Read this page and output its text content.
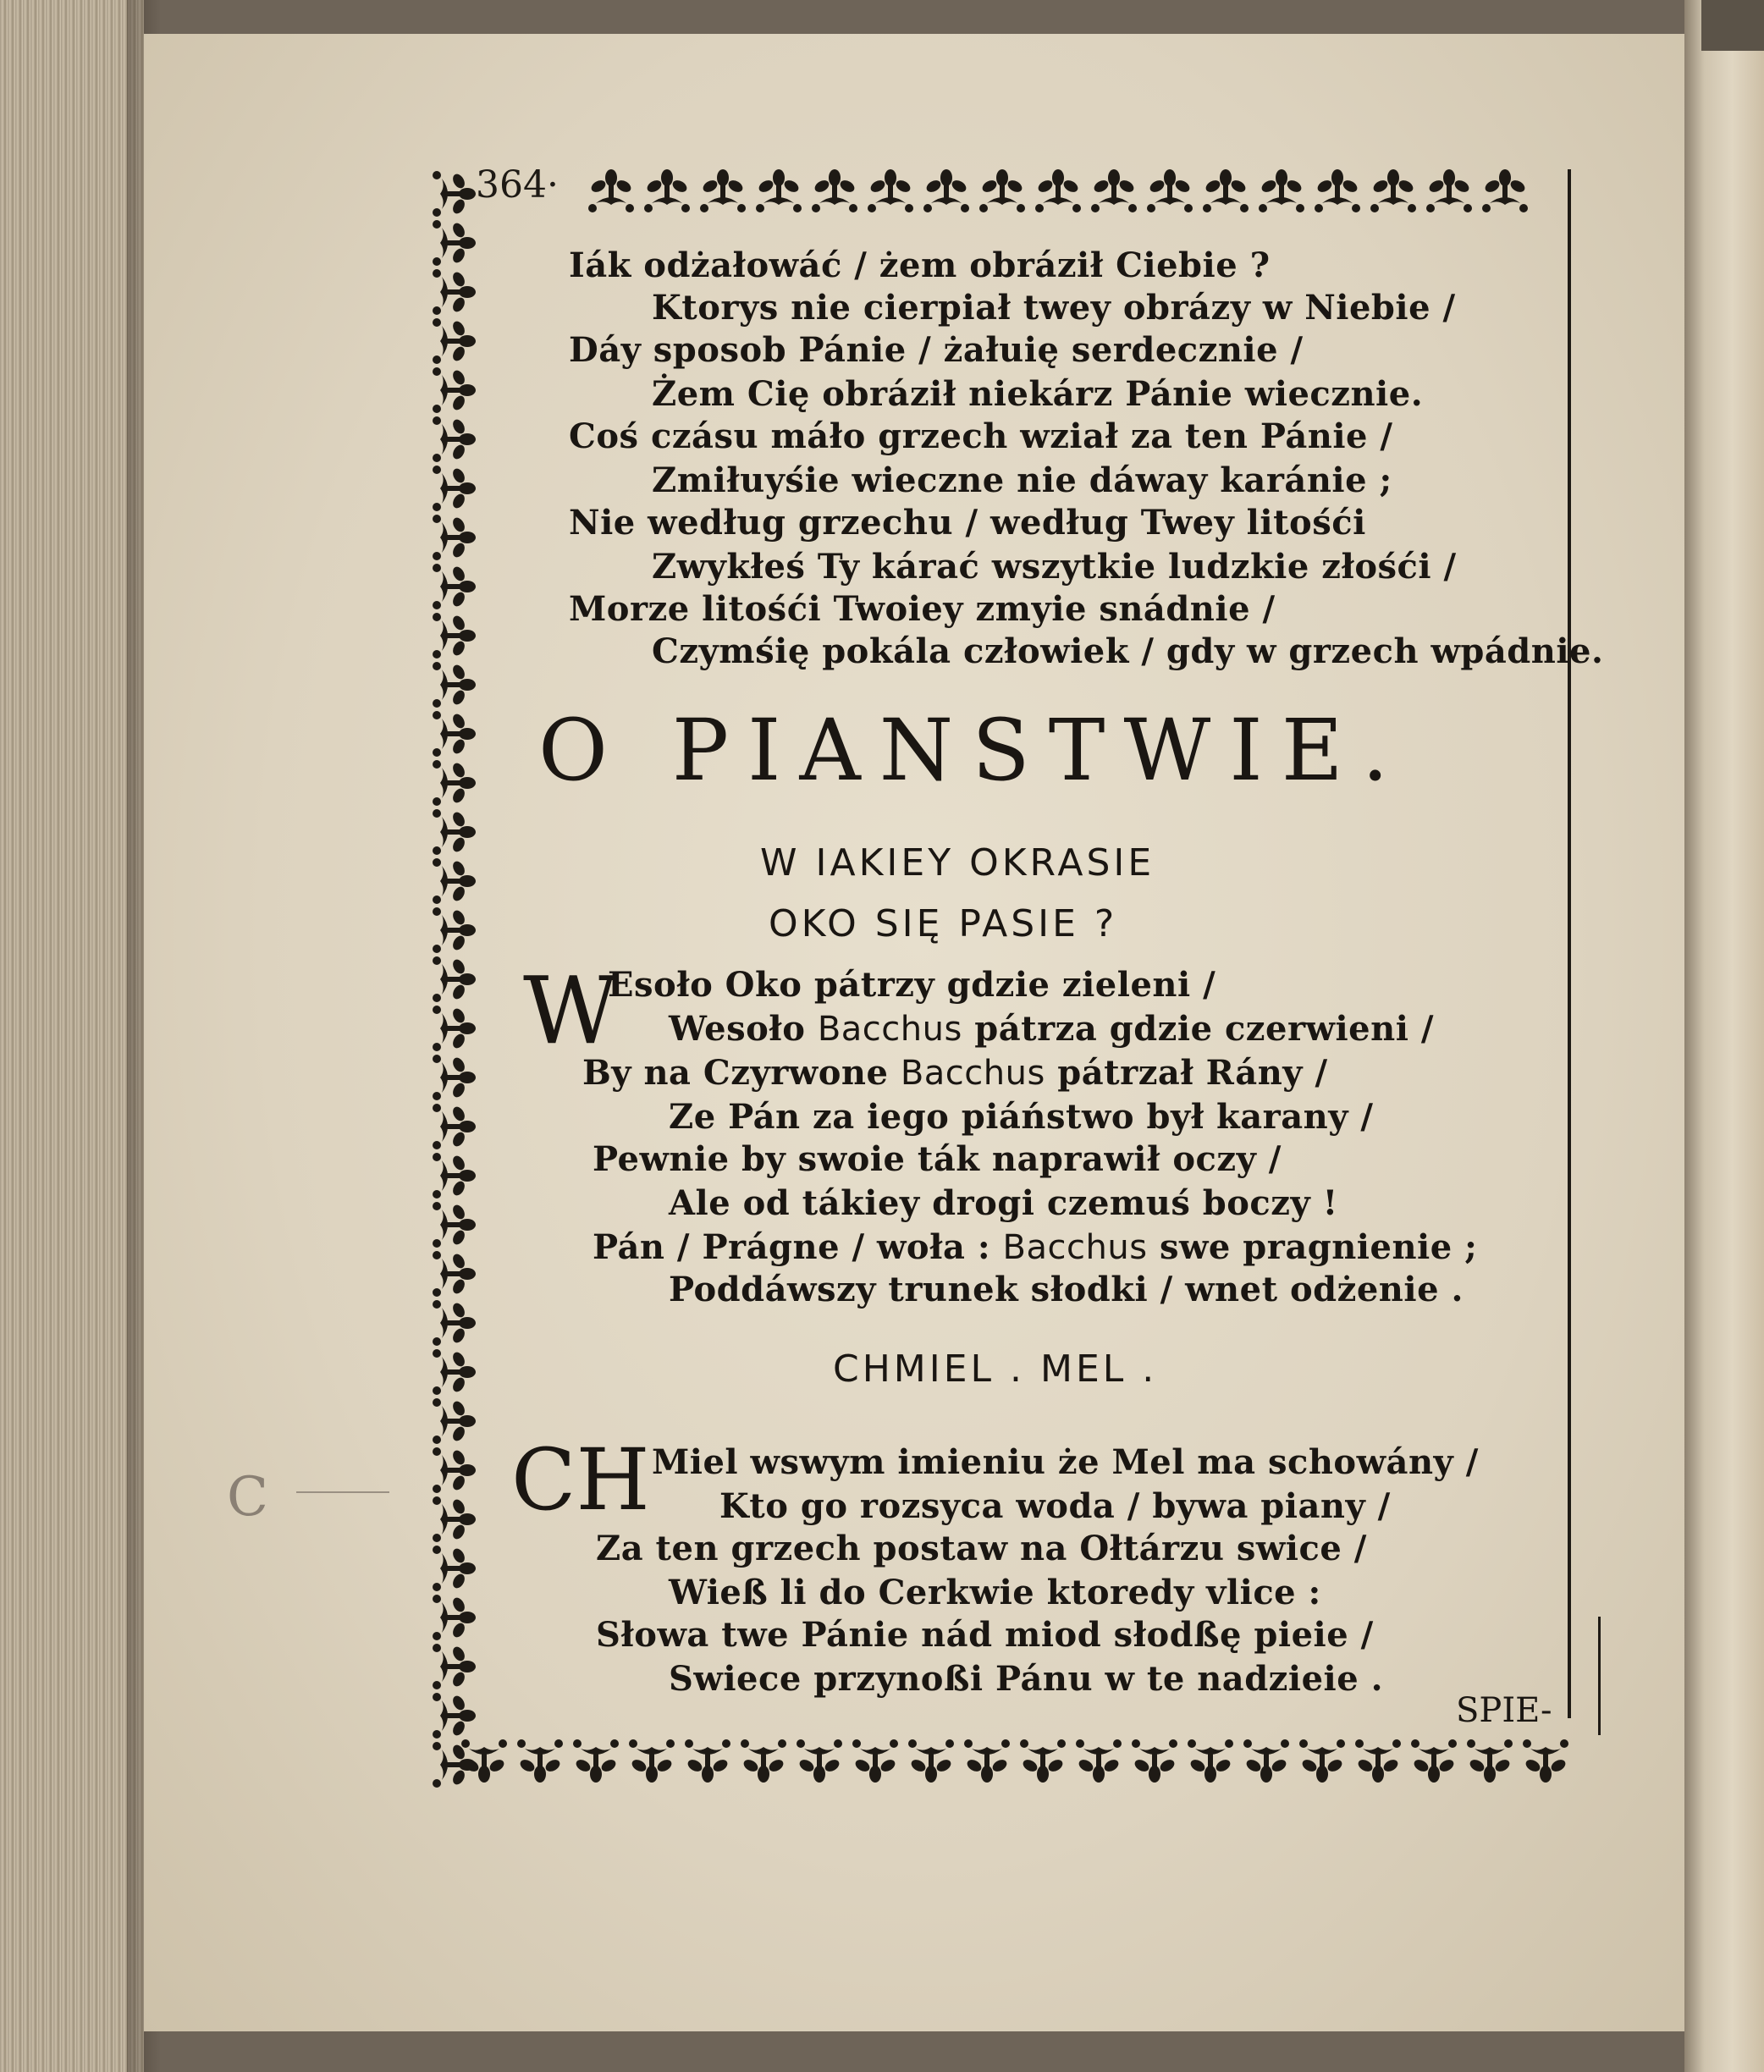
364·
Iák odżałowáć / żem obráził Ciebie ?
Ktorys nie cierpiał twey obrázy w Niebie /
Dáy sposob Pánie / żałuię serdecznie /
Żem Cię obráził niekárz Pánie wiecznie.
Coś czásu máło grzech wział za ten Pánie /
Zmiłuyśie wieczne nie dáway karánie ;
Nie według grzechu / według Twey litośći
Zwykłeś Ty kárać wszytkie ludzkie złośći /
Morze litośći Twoiey zmyie snádnie /
Czymśię pokála człowiek / gdy w grzech wpádnie.
O PIANSTWIE.
W IAKIEY OKRASIE
OKO SIĘ PASIE ?
W
Esoło Oko pátrzy gdzie zieleni /
Wesoło Bacchus pátrza gdzie czerwieni /
By na Czyrwone Bacchus pátrzał Rány /
Ze Pán za iego piáństwo był karany /
Pewnie by swoie ták naprawił oczy /
Ale od tákiey drogi czemuś boczy !
Pán / Prágne / woła : Bacchus swe pragnienie ;
Poddáwszy trunek słodki / wnet odżenie .
CHMIEL . MEL .
CH Miel wswym imieniu że Mel ma schowány /
Kto go rozsyca woda / bywa piany /
Za ten grzech postaw na Ołtárzu swice /
Wieß li do Cerkwie ktoredy vlice :
Słowa twe Pánie nád miod słodßę pieie /
Swiece przynoßi Pánu w te nadzieie .
SPIE-
C
